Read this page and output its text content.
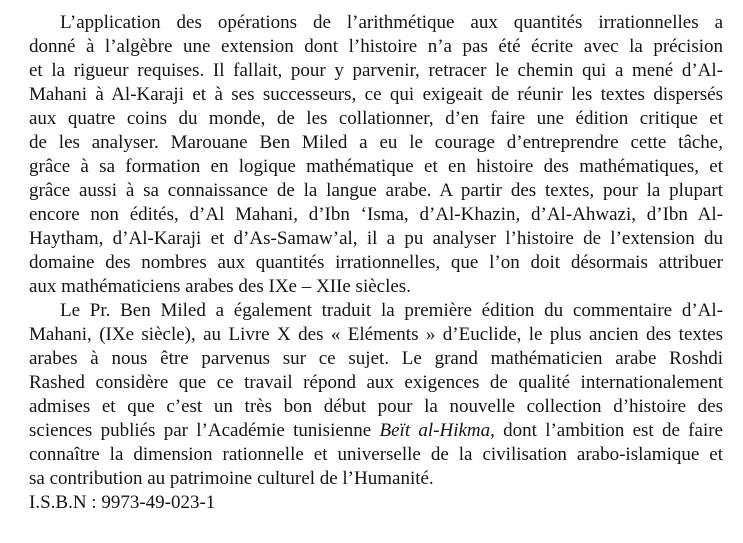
L’application des opérations de l’arithmétique aux quantités irrationnelles a
donné à l’algèbre une extension dont l’histoire n’a pas été écrite avec la précision
et la rigueur requises. Il fallait, pour y parvenir, retracer le chemin qui a mené d’Al-
Mahani à Al-Karaji et à ses successeurs, ce qui exigeait de réunir les textes dispersés
aux quatre coins du monde, de les collationner, d’en faire une édition critique et
de les analyser. Marouane Ben Miled a eu le courage d’entreprendre cette tâche,
grâce à sa formation en logique mathématique et en histoire des mathématiques, et
grâce aussi à sa connaissance de la langue arabe. A partir des textes, pour la plupart
encore non édités, d’Al Mahani, d’Ibn ‘Isma, d’Al-Khazin, d’Al-Ahwazi, d’Ibn Al-
Haytham, d’Al-Karaji et d’As-Samaw’al, il a pu analyser l’histoire de l’extension du
domaine des nombres aux quantités irrationnelles, que l’on doit désormais attribuer
aux mathématiciens arabes des IXe – XIIe siècles.
Le Pr. Ben Miled a également traduit la première édition du commentaire d’Al-
Mahani, (IXe siècle), au Livre X des « Eléments » d’Euclide, le plus ancien des textes
arabes à nous être parvenus sur ce sujet. Le grand mathématicien arabe Roshdi
Rashed considère que ce travail répond aux exigences de qualité internationalement
admises et que c’est un très bon début pour la nouvelle collection d’histoire des
sciences publiés par l’Académie tunisienne Beït al-Hikma, dont l’ambition est de faire
connaître la dimension rationnelle et universelle de la civilisation arabo-islamique et
sa contribution au patrimoine culturel de l’Humanité.
I.S.B.N : 9973-49-023-1
